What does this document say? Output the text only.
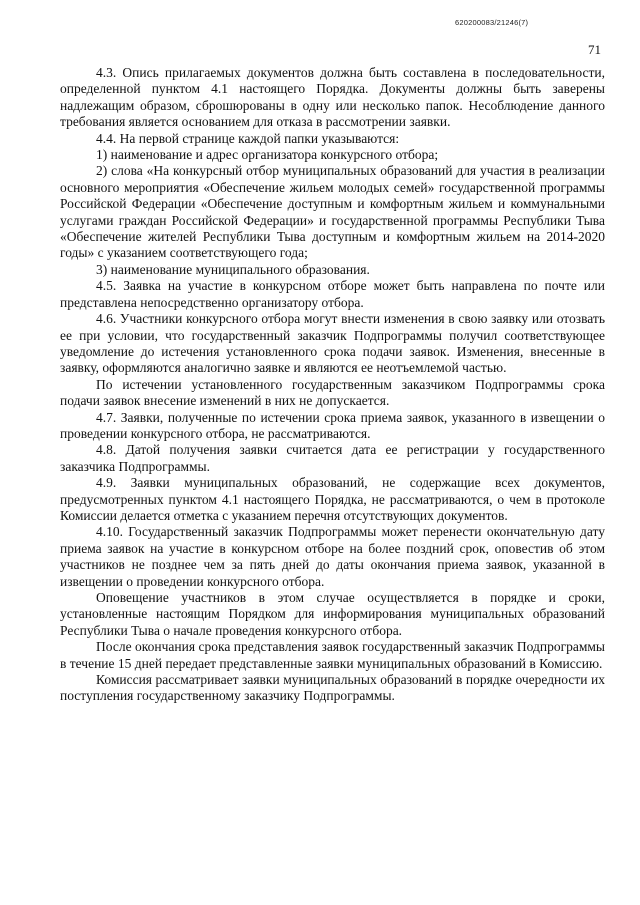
620200083/21246(7)
71

4.3. Опись прилагаемых документов должна быть составлена в последовательности, определенной пунктом 4.1 настоящего Порядка. Документы должны быть заверены надлежащим образом, сброшюрованы в одну или несколько папок. Несоблюдение данного требования является основанием для отказа в рассмотрении заявки.

4.4. На первой странице каждой папки указываются:

1) наименование и адрес организатора конкурсного отбора;

2) слова «На конкурсный отбор муниципальных образований для участия в реализации основного мероприятия «Обеспечение жильем молодых семей» государственной программы Российской Федерации «Обеспечение доступным и комфортным жильем и коммунальными услугами граждан Российской Федерации» и государственной программы Республики Тыва «Обеспечение жителей Республики Тыва доступным и комфортным жильем на 2014-2020 годы» с указанием соответствующего года;

3) наименование муниципального образования.

4.5. Заявка на участие в конкурсном отборе может быть направлена по почте или представлена непосредственно организатору отбора.

4.6. Участники конкурсного отбора могут внести изменения в свою заявку или отозвать ее при условии, что государственный заказчик Подпрограммы получил соответствующее уведомление до истечения установленного срока подачи заявок. Изменения, внесенные в заявку, оформляются аналогично заявке и являются ее неотъемлемой частью.

По истечении установленного государственным заказчиком Подпрограммы срока подачи заявок внесение изменений в них не допускается.

4.7. Заявки, полученные по истечении срока приема заявок, указанного в извещении о проведении конкурсного отбора, не рассматриваются.

4.8. Датой получения заявки считается дата ее регистрации у государственного заказчика Подпрограммы.

4.9. Заявки муниципальных образований, не содержащие всех документов, предусмотренных пунктом 4.1 настоящего Порядка, не рассматриваются, о чем в протоколе Комиссии делается отметка с указанием перечня отсутствующих документов.

4.10. Государственный заказчик Подпрограммы может перенести окончательную дату приема заявок на участие в конкурсном отборе на более поздний срок, оповестив об этом участников не позднее чем за пять дней до даты окончания приема заявок, указанной в извещении о проведении конкурсного отбора.

Оповещение участников в этом случае осуществляется в порядке и сроки, установленные настоящим Порядком для информирования муниципальных образований Республики Тыва о начале проведения конкурсного отбора.

После окончания срока представления заявок государственный заказчик Подпрограммы в течение 15 дней передает представленные заявки муниципальных образований в Комиссию.

Комиссия рассматривает заявки муниципальных образований в порядке очередности их поступления государственному заказчику Подпрограммы.
